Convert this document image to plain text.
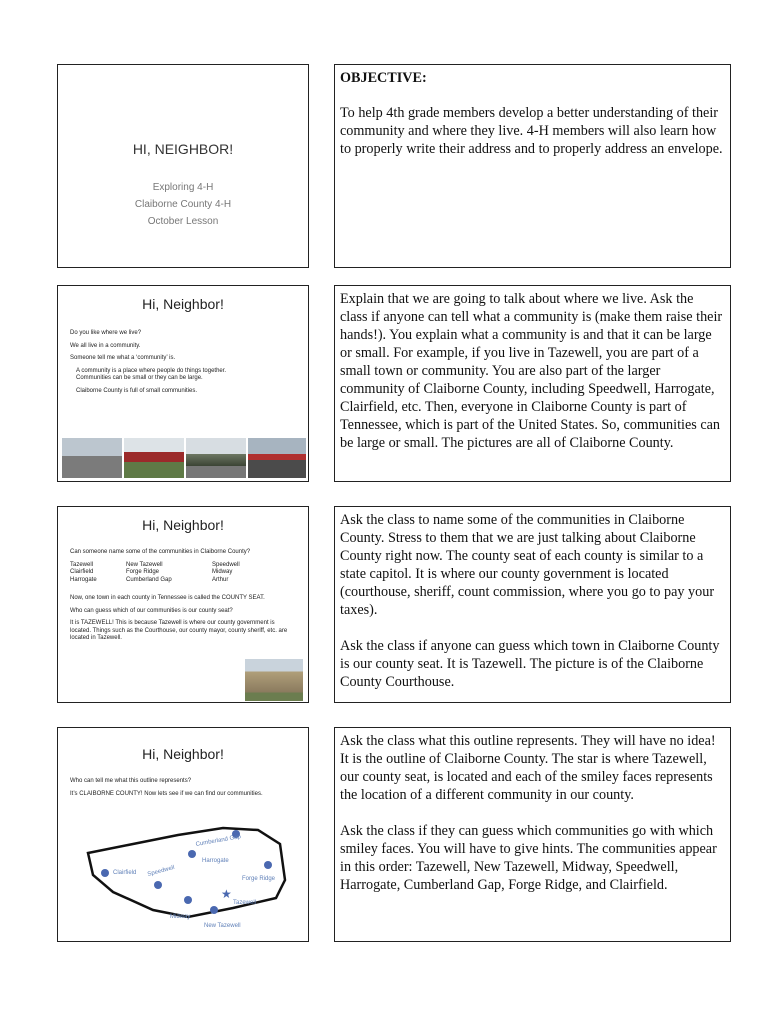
HI, NEIGHBOR!
Exploring 4-H
Claiborne County 4-H
October Lesson

OBJECTIVE:

To help 4th grade members develop a better understanding of their community and where they live. 4-H members will also learn how to properly write their address and to properly address an envelope.

Hi, Neighbor!
Do you like where we live?
We all live in a community.
Someone tell me what a ‘community’ is.
A community is a place where people do things together. Communities can be small or they can be large.
Claiborne County is full of small communities.

Explain that we are going to talk about where we live. Ask the class if anyone can tell what a community is (make them raise their hands!). You explain what a community is and that it can be large or small. For example, if you live in Tazewell, you are part of a small town or community. You are also part of the larger community of Claiborne County, including Speedwell, Harrogate, Clairfield, etc. Then, everyone in Claiborne County is part of Tennessee, which is part of the United States. So, communities can be large or small. The pictures are all of Claiborne County.

Hi, Neighbor!
Can someone name some of the communities in Claiborne County?
Tazewell
Clairfield
Harrogate
New Tazewell
Forge Ridge
Cumberland Gap
Speedwell
Midway
Arthur
Now, one town in each county in Tennessee is called the COUNTY SEAT.
Who can guess which of our communities is our county seat?
It is TAZEWELL! This is because Tazewell is where our county government is located. Things such as the Courthouse, our county mayor, county sheriff, etc. are located in Tazewell.

Ask the class to name some of the communities in Claiborne County. Stress to them that we are just talking about Claiborne County right now. The county seat of each county is similar to a state capitol. It is where our county government is located (courthouse, sheriff, count commission, where you go to pay your taxes).

Ask the class if anyone can guess which town in Claiborne County is our county seat. It is Tazewell. The picture is of the Claiborne County Courthouse.

Hi, Neighbor!
Who can tell me what this outline represents?
It’s CLAIBORNE COUNTY! Now lets see if we can find our communities.
★
Cumberland Gap
Harrogate
Clairfield Speedwell
Forge Ridge
Tazewell
Midway
New Tazewell

Ask the class what this outline represents. They will have no idea! It is the outline of Claiborne County. The star is where Tazewell, our county seat, is located and each of the smiley faces represents the location of a different community in our county.

Ask the class if they can guess which communities go with which smiley faces. You will have to give hints. The communities appear in this order: Tazewell, New Tazewell, Midway, Speedwell, Harrogate, Cumberland Gap, Forge Ridge, and Clairfield.
